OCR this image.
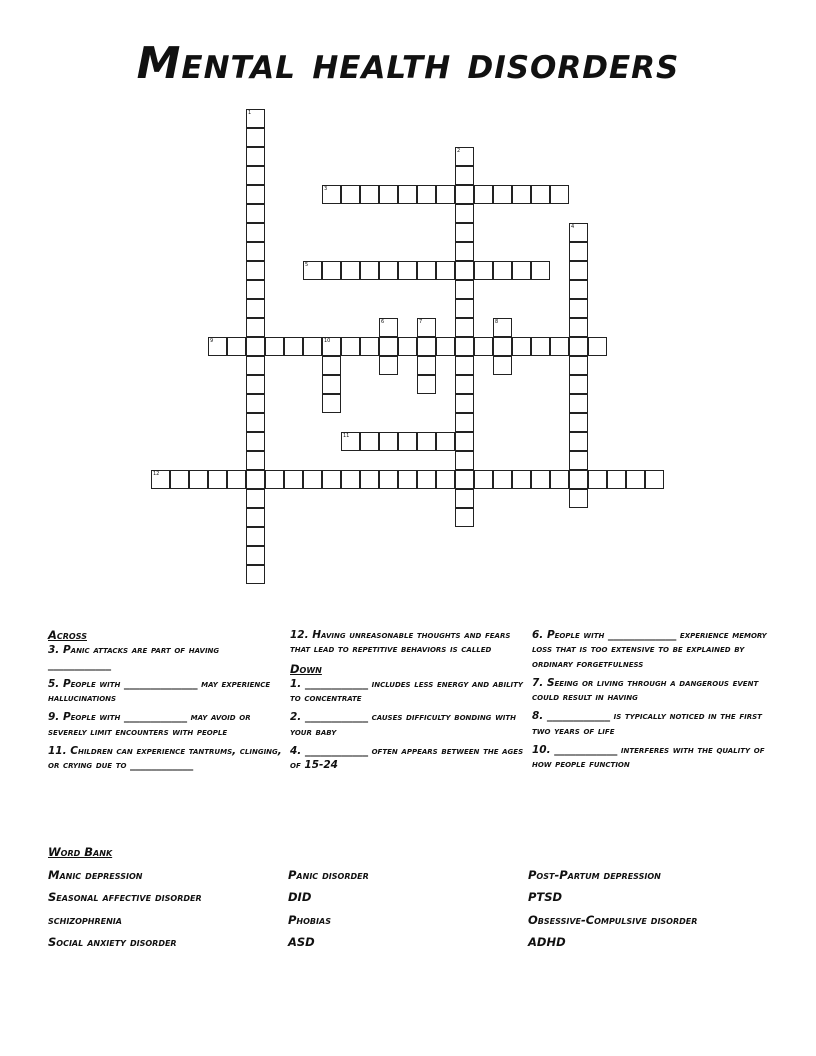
Mental health disorders
1
2
3
4
5
6	7	8
9	10
11
12
Across
3. Panic attacks are part of having ____________
5. People with ______________ may experience hallucinations
9. People with ____________ may avoid or severely limit encounters with people
11. Children can experience tantrums, clinging, or crying due to ____________
12. Having unreasonable thoughts and fears that lead to repetitive behaviors is called
Down
1. ____________ includes less energy and ability to concentrate
2. ____________ causes difficulty bonding with your baby
4. ____________ often appears between the ages of 15-24
6. People with _____________ experience memory loss that is too extensive to be explained by ordinary forgetfulness
7. Seeing or living through a dangerous event could result in having
8. ____________ is typically noticed in the first two years of life
10. ____________ interferes with the quality of how people function
Word Bank
Manic depression	Panic disorder	Post-Partum depression
Seasonal affective disorder	DID	PTSD
schizophrenia	Phobias	Obsessive-Compulsive disorder
Social anxiety disorder	ASD	ADHD
